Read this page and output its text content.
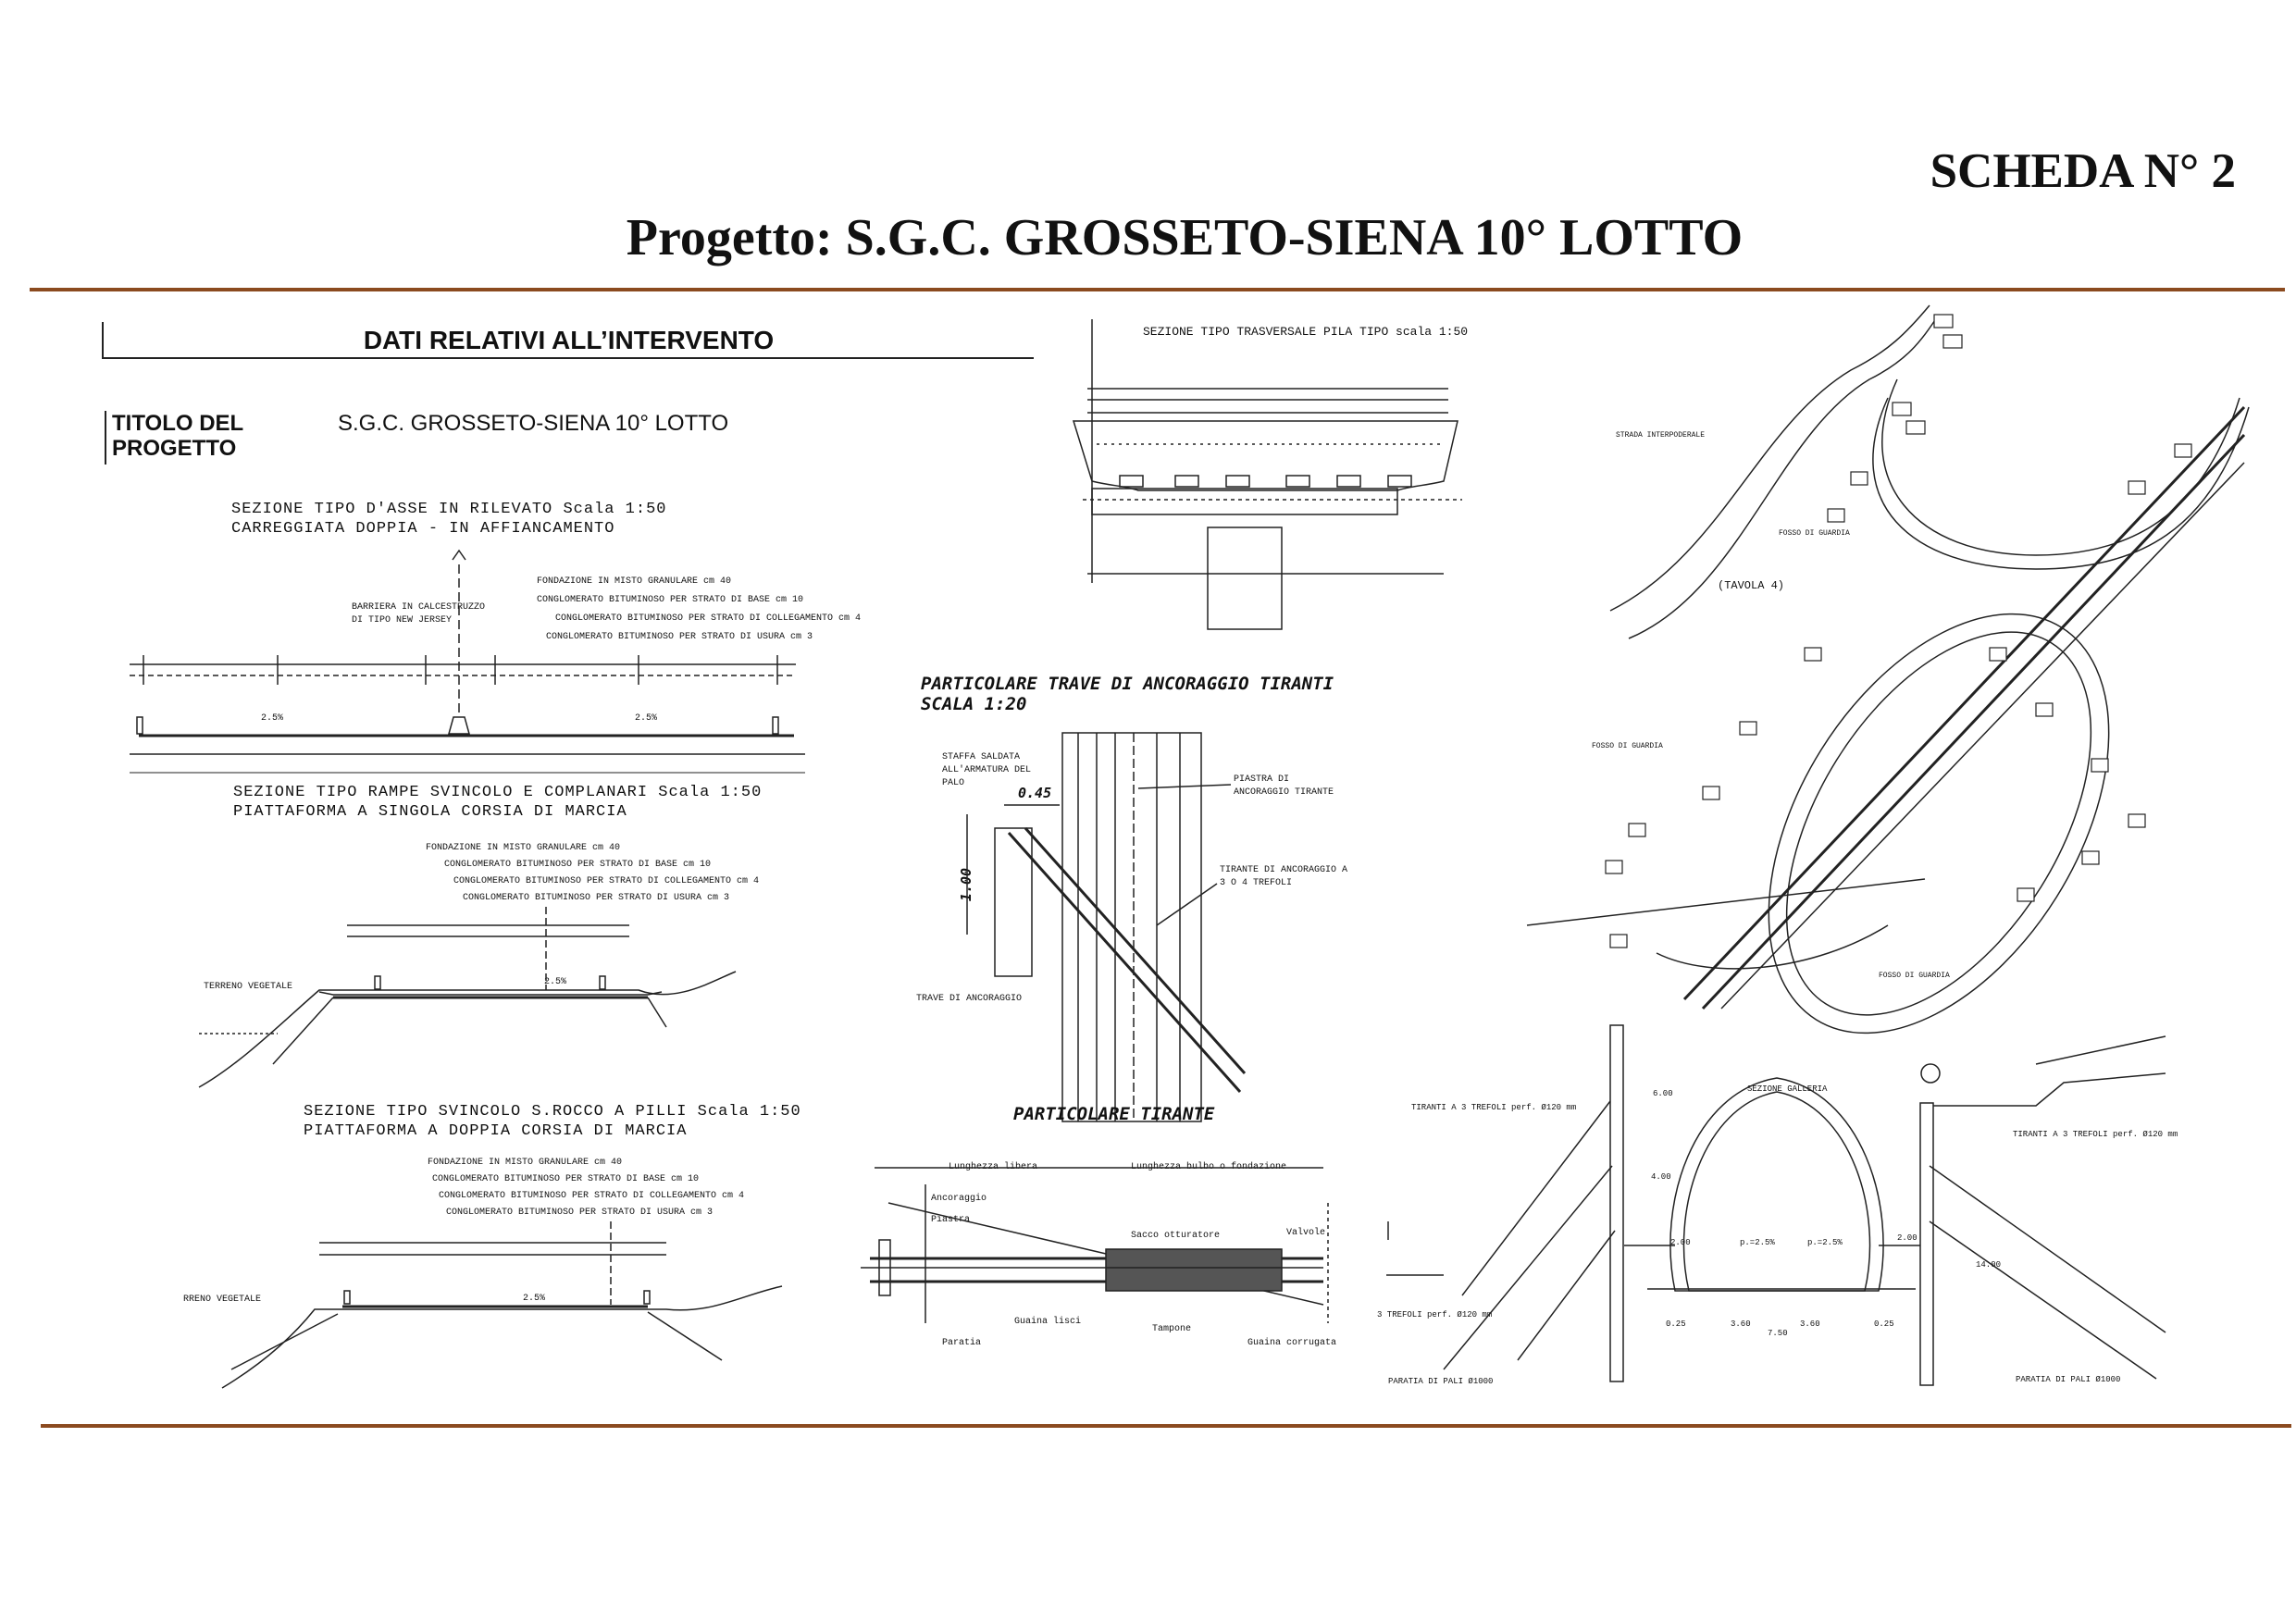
SCHEDA N° 2
Progetto: S.G.C. GROSSETO-SIENA 10° LOTTO
DATI RELATIVI ALL’INTERVENTO
TITOLO DEL
PROGETTO
S.G.C. GROSSETO-SIENA 10° LOTTO
SEZIONE TIPO D'ASSE IN RILEVATO Scala 1:50
CARREGGIATA DOPPIA - IN AFFIANCAMENTO
FONDAZIONE IN MISTO GRANULARE cm 40
CONGLOMERATO BITUMINOSO PER STRATO DI BASE cm 10
CONGLOMERATO BITUMINOSO PER STRATO DI COLLEGAMENTO cm 4
CONGLOMERATO BITUMINOSO PER STRATO DI USURA cm 3
BARRIERA IN CALCESTRUZZO
DI TIPO NEW JERSEY
2.5%	2.5%
SEZIONE TIPO RAMPE SVINCOLO E COMPLANARI Scala 1:50
PIATTAFORMA A SINGOLA CORSIA DI MARCIA
FONDAZIONE IN MISTO GRANULARE cm 40
CONGLOMERATO BITUMINOSO PER STRATO DI BASE cm 10
CONGLOMERATO BITUMINOSO PER STRATO DI COLLEGAMENTO cm 4
CONGLOMERATO BITUMINOSO PER STRATO DI USURA cm 3
TERRENO VEGETALE	2.5%
SEZIONE TIPO SVINCOLO S.ROCCO A PILLI Scala 1:50
PIATTAFORMA A DOPPIA CORSIA DI MARCIA
FONDAZIONE IN MISTO GRANULARE cm 40
CONGLOMERATO BITUMINOSO PER STRATO DI BASE cm 10
CONGLOMERATO BITUMINOSO PER STRATO DI COLLEGAMENTO cm 4
CONGLOMERATO BITUMINOSO PER STRATO DI USURA cm 3
RRENO VEGETALE	2.5%
SEZIONE TIPO TRASVERSALE PILA TIPO scala 1:50
PARTICOLARE TRAVE DI ANCORAGGIO TIRANTI
SCALA 1:20
STAFFA SALDATA ALL'ARMATURA DEL PALO	PIASTRA DI ANCORAGGIO TIRANTE
TIRANTE DI ANCORAGGIO A 3 O 4 TREFOLI
TRAVE DI ANCORAGGIO
0.45
1.00
PARTICOLARE TIRANTE
Lunghezza libera	Lunghezza bulbo o fondazione
Ancoraggio
Piastra
Sacco otturatore	Valvole
Guaina lisci
Tampone
Guaina corrugata
Paratia
(TAVOLA 4)
STRADA INTERPODERALE
FOSSO DI GUARDIA
FOSSO DI GUARDIA
FOSSO DI GUARDIA
SEZIONE GALLERIA
TIRANTI A 3 TREFOLI perf. Ø120 mm
TIRANTI A 3 TREFOLI perf. Ø120 mm
3 TREFOLI perf. Ø120 mm
PARATIA DI PALI Ø1000	PARATIA DI PALI Ø1000
p.=2.5%	p.=2.5%
0.25	3.60	3.60	0.25
7.50
2.00	2.00
14.00
4.00
6.00
